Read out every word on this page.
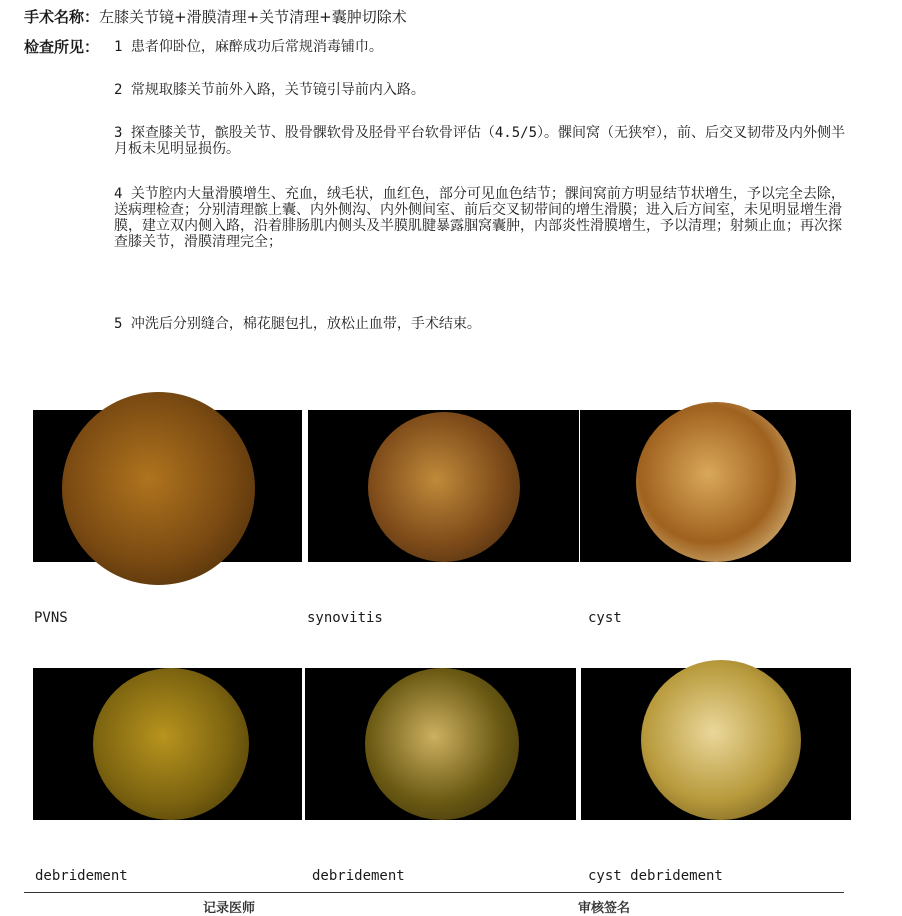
手术名称：左膝关节镜+滑膜清理+关节清理+囊肿切除术
检查所见： 1 患者仰卧位，麻醉成功后常规消毒铺巾。
2 常规取膝关节前外入路，关节镜引导前内入路。
3 探查膝关节，髌股关节、股骨髁软骨及胫骨平台软骨评估（4.5/5）。髁间窝（无狭窄），前、后交叉韧带及内外侧半月板未见明显损伤。
4 关节腔内大量滑膜增生、充血，绒毛状，血红色，部分可见血色结节；髁间窝前方明显结节状增生，予以完全去除，送病理检查；分别清理髌上囊、内外侧沟、内外侧间室、前后交叉韧带间的增生滑膜；进入后方间室，未见明显增生滑膜，建立双内侧入路，沿着腓肠肌内侧头及半膜肌腱暴露腘窝囊肿，内部炎性滑膜增生，予以清理；射频止血；再次探查膝关节，滑膜清理完全；
5 冲洗后分别缝合，棉花腿包扎，放松止血带，手术结束。
PVNS	synovitis	cyst
debridement	debridement	cyst debridement
记录医师	审核签名
